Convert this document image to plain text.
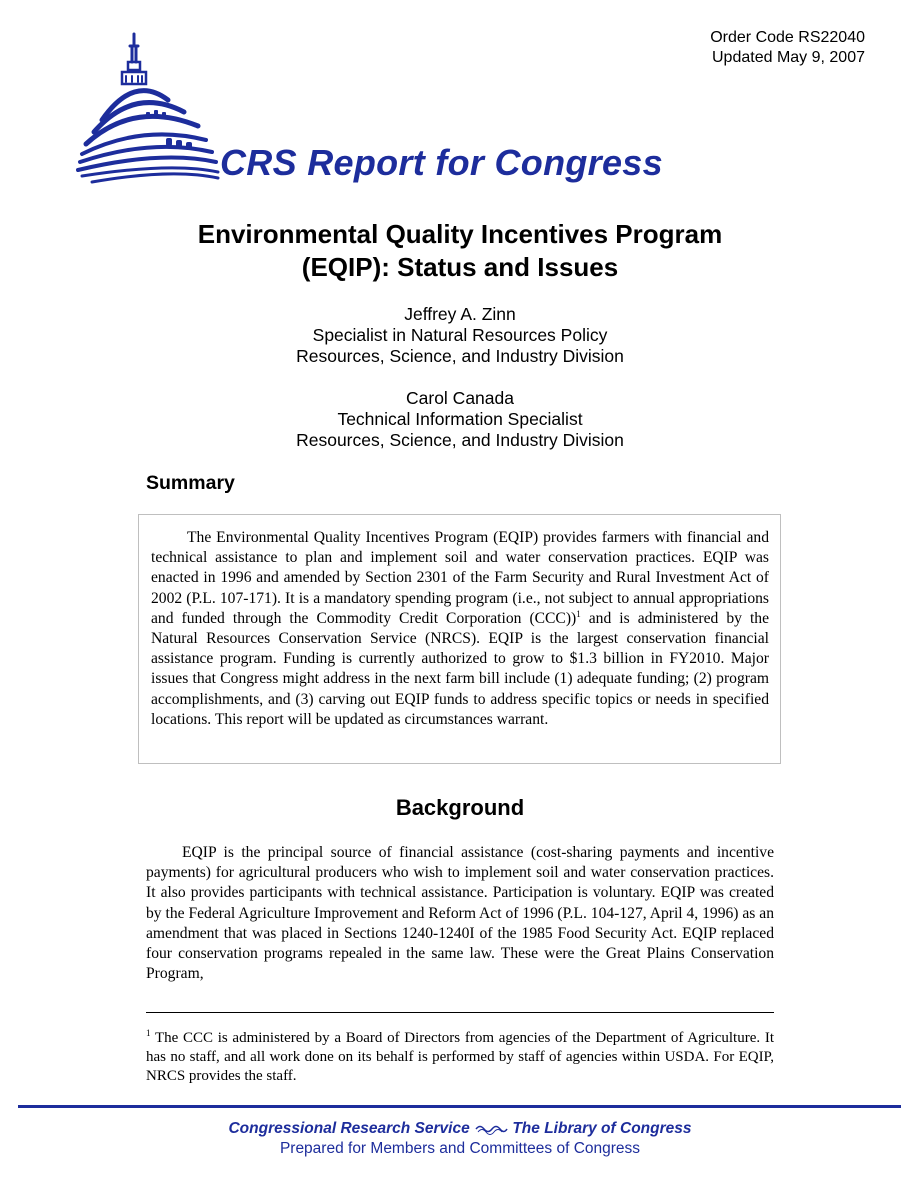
Order Code RS22040
Updated May 9, 2007
CRS Report for Congress
Environmental Quality Incentives Program
(EQIP): Status and Issues
Jeffrey A. Zinn
Specialist in Natural Resources Policy
Resources, Science, and Industry Division
Carol Canada
Technical Information Specialist
Resources, Science, and Industry Division
Summary

The Environmental Quality Incentives Program (EQIP) provides farmers with financial and technical assistance to plan and implement soil and water conservation practices. EQIP was enacted in 1996 and amended by Section 2301 of the Farm Security and Rural Investment Act of 2002 (P.L. 107-171). It is a mandatory spending program (i.e., not subject to annual appropriations and funded through the Commodity Credit Corporation (CCC))$^1$ and is administered by the Natural Resources Conservation Service (NRCS). EQIP is the largest conservation financial assistance program. Funding is currently authorized to grow to $1.3 billion in FY2010. Major issues that Congress might address in the next farm bill include (1) adequate funding; (2) program accomplishments, and (3) carving out EQIP funds to address specific topics or needs in specified locations. This report will be updated as circumstances warrant.

Background

EQIP is the principal source of financial assistance (cost-sharing payments and incentive payments) for agricultural producers who wish to implement soil and water conservation practices. It also provides participants with technical assistance. Participation is voluntary. EQIP was created by the Federal Agriculture Improvement and Reform Act of 1996 (P.L. 104-127, April 4, 1996) as an amendment that was placed in Sections 1240-1240I of the 1985 Food Security Act. EQIP replaced four conservation programs repealed in the same law. These were the Great Plains Conservation Program,

$^1$ The CCC is administered by a Board of Directors from agencies of the Department of Agriculture. It has no staff, and all work done on its behalf is performed by staff of agencies within USDA. For EQIP, NRCS provides the staff.

Congressional Research Service	The Library of Congress
Prepared for Members and Committees of Congress
